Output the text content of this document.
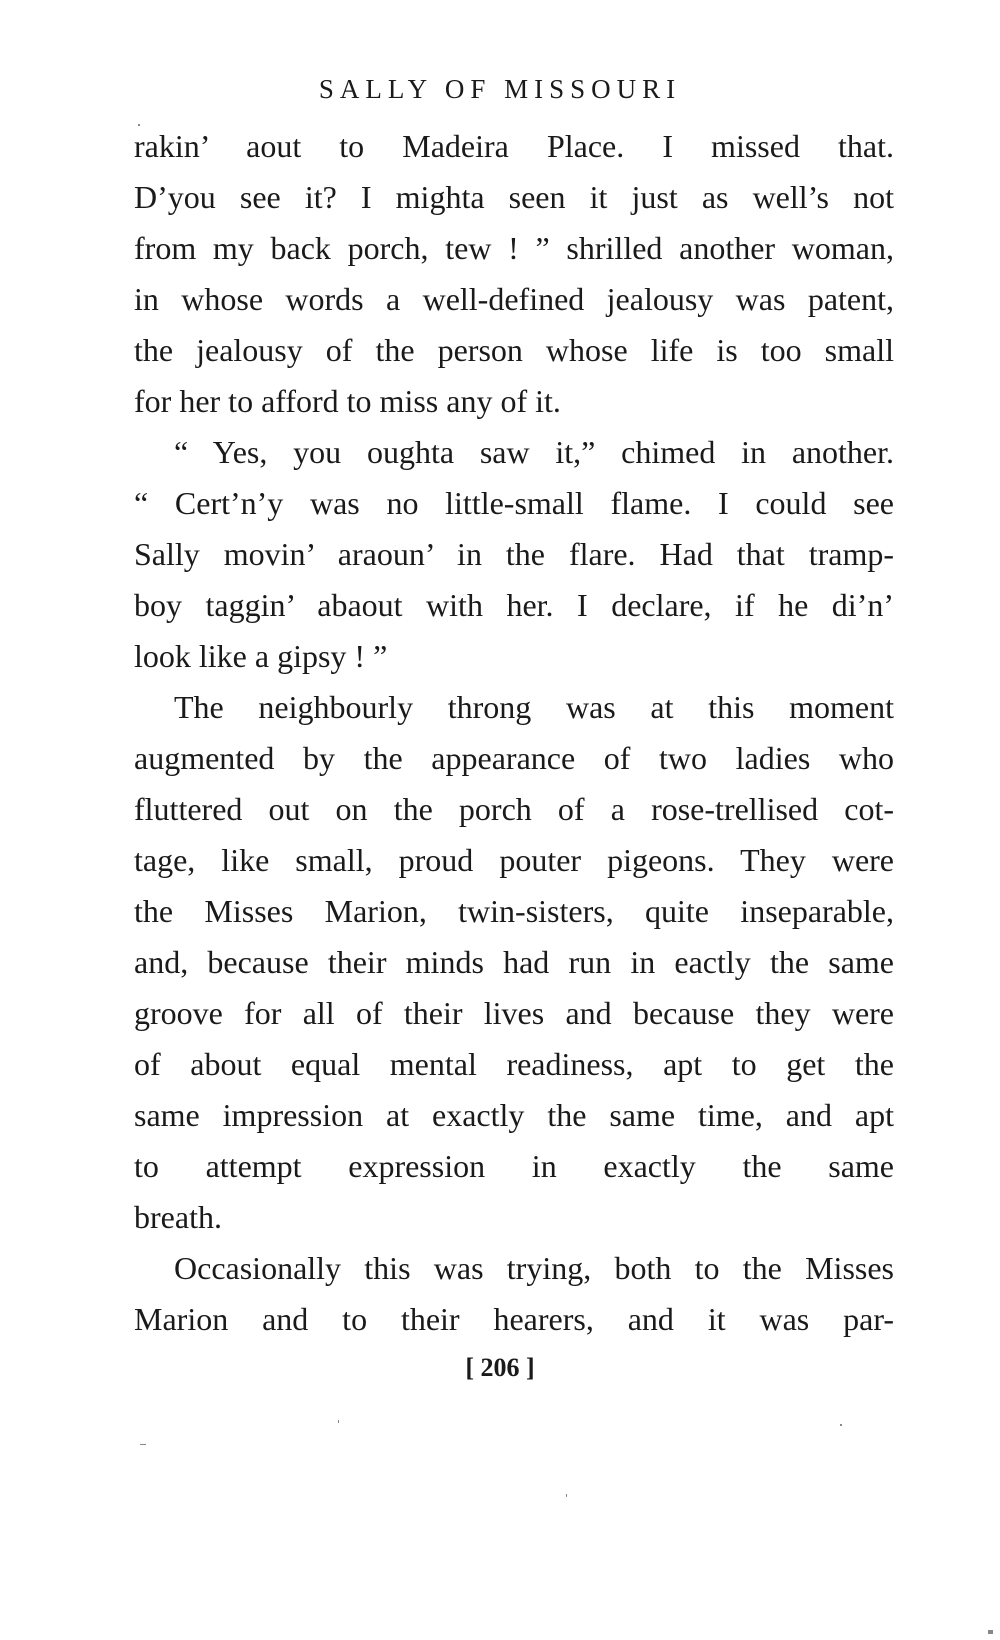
SALLY OF MISSOURI
rakin’ aout to Madeira Place. I missed that.
D’you see it? I mighta seen it just as well’s not
from my back porch, tew ! ” shrilled another woman,
in whose words a well-defined jealousy was patent,
the jealousy of the person whose life is too small
for her to afford to miss any of it.
“ Yes, you oughta saw it,” chimed in another.
“ Cert’n’y was no little-small flame. I could see
Sally movin’ araoun’ in the flare. Had that tramp-
boy taggin’ abaout with her. I declare, if he di’n’
look like a gipsy ! ”
The neighbourly throng was at this moment
augmented by the appearance of two ladies who
fluttered out on the porch of a rose-trellised cot-
tage, like small, proud pouter pigeons. They were
the Misses Marion, twin-sisters, quite inseparable,
and, because their minds had run in eactly the same
groove for all of their lives and because they were
of about equal mental readiness, apt to get the
same impression at exactly the same time, and apt
to attempt expression in exactly the same
breath.
Occasionally this was trying, both to the Misses
Marion and to their hearers, and it was par-
[ 206 ]
